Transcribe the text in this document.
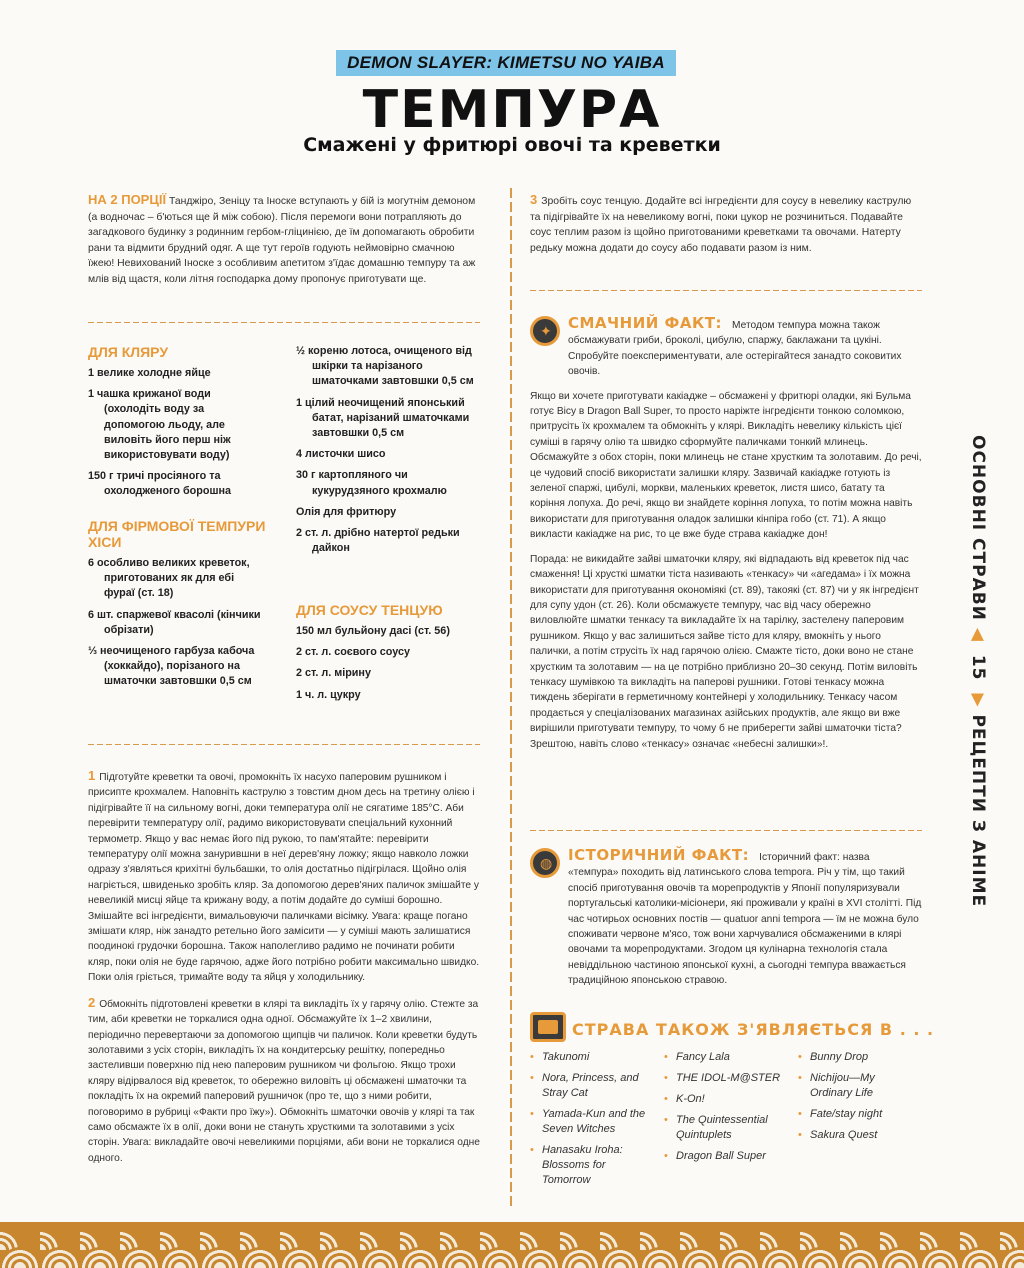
DEMON SLAYER: KIMETSU NO YAIBA
ТЕМПУРА
Смажені у фритюрі овочі та креветки
НА 2 ПОРЦІЇ Танджіро, Зеніцу та Іноске вступають у бій із могутнім демоном (а водночас – б'ються ще й між собою). Після перемоги вони потрапляють до загадкового будинку з родинним гербом-гліцинією, де їм допомагають обробити рани та відмити брудний одяг. А ще тут героїв годують неймовірно смачною їжею! Невихований Іноске з особливим апетитом з'їдає домашню темпуру та аж млів від щастя, коли літня господарка дому пропонує приготувати ще.
ДЛЯ КЛЯРУ
1 велике холодне яйце
1 чашка крижаної води (охолодіть воду за допомогою льоду, але виловіть його перш ніж використовувати воду)
150 г тричі просіяного та охолодженого борошна
ДЛЯ ФІРМОВОЇ ТЕМПУРИ ХІСИ
6 особливо великих креветок, приготованих як для ебі фураї (ст. 18)
6 шт. спаржевої квасолі (кінчики обрізати)
⅓ неочищеного гарбуза кабоча (хоккайдо), порізаного на шматочки завтовшки 0,5 см
½ кореню лотоса, очищеного від шкірки та нарізаного шматочками завтовшки 0,5 см
1 цілий неочищений японський батат, нарізаний шматочками завтовшки 0,5 см
4 листочки шисо
30 г картопляного чи кукурудзяного крохмалю
Олія для фритюру
2 ст. л. дрібно натертої редьки дайкон
ДЛЯ СОУСУ ТЕНЦУЮ
150 мл бульйону дасі (ст. 56)
2 ст. л. соєвого соусу
2 ст. л. мірину
1 ч. л. цукру
1 Підготуйте креветки та овочі, промокніть їх насухо паперовим рушником і присипте крохмалем. Наповніть каструлю з товстим дном десь на третину олією і підігрівайте її на сильному вогні, доки температура олії не сягатиме 185°C. Аби перевірити температуру олії, радимо використовувати спеціальний кухонний термометр. Якщо у вас немає його під рукою, то пам'ятайте: перевірити температуру олії можна занурившни в неї дерев'яну ложку; якщо навколо ложки одразу з'являться крихітні бульбашки, то олія достатньо підігрілася. Щойно олія нагріється, швиденько зробіть кляр. За допомогою дерев'яних паличок змішайте у невеликій мисці яйце та крижану воду, а потім додайте до суміші борошно. Змішайте всі інгредієнти, вимальовуючи паличками вісімку. Увага: краще погано змішати кляр, ніж занадто ретельно його замісити — у суміші мають залишатися поодинокі грудочки борошна. Також наполегливо радимо не починати робити кляр, поки олія не буде гарячою, адже його потрібно робити максимально швидко. Поки олія гріється, тримайте воду та яйця у холодильнику.
2 Обмокніть підготовлені креветки в клярі та викладіть їх у гарячу олію. Стежте за тим, аби креветки не торкалися одна одної. Обсмажуйте їх 1–2 хвилини, періодично перевертаючи за допомогою щипців чи паличок. Коли креветки будуть золотавими з усіх сторін, викладіть їх на кондитерську решітку, попередньо застеливши поверхню під нею паперовим рушником чи фольгою. Якщо трохи кляру відірвалося від креветок, то обережно виловіть ці обсмажені шматочки та покладіть їх на окремий паперовий рушничок (про те, що з ними робити, поговоримо в рубриці «Факти про їжу»). Обмокніть шматочки овочів у клярі та так само обсмажте їх в олії, доки вони не стануть хрусткими та золотавими з усіх сторін. Увага: викладайте овочі невеликими порціями, аби вони не торкалися одне одного.
3 Зробіть соус тенцую. Додайте всі інгредієнти для соусу в невелику каструлю та підігрівайте їх на невеликому вогні, поки цукор не розчиниться. Подавайте соус теплим разом із щойно приготованими креветками та овочами. Натерту редьку можна додати до соусу або подавати разом із ним.
✦	СМАЧНИЙ ФАКТ: Методом темпура можна також обсмажувати гриби, броколі, цибулю, спаржу, баклажани та цукіні. Спробуйте поекспериментувати, але остерігайтеся занадто соковитих овочів.
Якщо ви хочете приготувати какіадже – обсмажені у фритюрі оладки, які Бульма готує Вісу в Dragon Ball Super, то просто наріжте інгредієнти тонкою соломкою, притрусіть їх крохмалем та обмокніть у клярі. Викладіть невелику кількість цієї суміші в гарячу олію та швидко сформуйте паличками тонкий млинець. Обсмажуйте з обох сторін, поки млинець не стане хрустким та золотавим. До речі, це чудовий спосіб використати залишки кляру. Зазвичай какіадже готують із зеленої спаржі, цибулі, моркви, маленьких креветок, листя шисо, батату та коріння лопуха. До речі, якщо ви знайдете коріння лопуха, то потім можна навіть використати для приготування оладок залишки кінпіра гобо (ст. 71). А якщо викласти какіадже на рис, то це вже буде страва какіадже дон!
Порада: не викидайте зайві шматочки кляру, які відпадають від креветок під час смаження! Ці хрусткі шматки тіста називають «тенкасу» чи «агедама» і їх можна використати для приготування окономіякі (ст. 89), такоякі (ст. 87) чи у як інгредієнт для супу удон (ст. 26). Коли обсмажуєте темпуру, час від часу обережно виловлюйте шматки тенкасу та викладайте їх на тарілку, застелену паперовим рушником. Якщо у вас залишиться зайве тісто для кляру, вмокніть у нього палички, а потім струсіть їх над гарячою олією. Смажте тісто, доки воно не стане хрустким та золотавим — на це потрібно приблизно 20–30 секунд. Потім виловіть тенкасу шумівкою та викладіть на паперові рушники. Готові тенкасу можна тиждень зберігати в герметичному контейнері у холодильнику. Тенкасу часом продається у спеціалізованих магазинах азійських продуктів, але якщо ви вже вирішили приготувати темпуру, то чому б не приберегти зайві шматочки тіста? Зрештою, навіть слово «тенкасу» означає «небесні залишки»!.
◍	ІСТОРИЧНИЙ ФАКТ: Історичний факт: назва «темпура» походить від латинського слова tempora. Річ у тім, що такий спосіб приготування овочів та морепродуктів у Японії популяризували португальські католики-місіонери, які проживали у країні в XVI столітті. Під час чотирьох основних постів — quatuor anni tempora — їм не можна було споживати червоне м'ясо, тож вони харчувалися обсмаженими в клярі овочами та морепродуктами. Згодом ця кулінарна технологія стала невіддільною частиною японської кухні, а сьогодні темпура вважається традиційною японською стравою.
СТРАВА ТАКОЖ З'ЯВЛЯЄТЬСЯ В . . .
• Takunomi
• Nora, Princess, and Stray Cat
• Yamada-Kun and the Seven Witches
• Hanasaku Iroha: Blossoms for Tomorrow
• Fancy Lala
• THE IDOL-M@STER
• K-On!
• The Quintessential Quintuplets
• Dragon Ball Super
• Bunny Drop
• Nichijou—My Ordinary Life
• Fate/stay night
• Sakura Quest
ОСНОВНІ СТРАВИ ◀ 15 ▶ РЕЦЕПТИ З АНІМЕ
